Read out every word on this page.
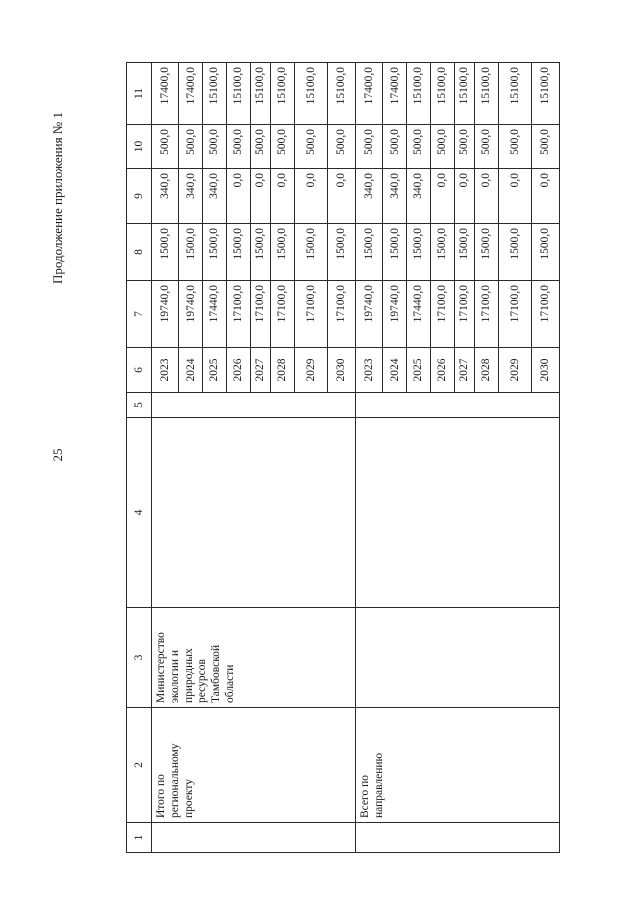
25
Продолжение приложения № 1
1	2	3	4	5	6	7	8	9	10	11
	Итого по региональному проекту	Министерство экологии и природных ресурсов Тамбовской области			2023	19740,0	1500,0	340,0	500,0	17400,0
					2024	19740,0	1500,0	340,0	500,0	17400,0
					2025	17440,0	1500,0	340,0	500,0	15100,0
					2026	17100,0	1500,0	0,0	500,0	15100,0
					2027	17100,0	1500,0	0,0	500,0	15100,0
					2028	17100,0	1500,0	0,0	500,0	15100,0
					2029	17100,0	1500,0	0,0	500,0	15100,0
					2030	17100,0	1500,0	0,0	500,0	15100,0
	Всего по направлению				2023	19740,0	1500,0	340,0	500,0	17400,0
					2024	19740,0	1500,0	340,0	500,0	17400,0
					2025	17440,0	1500,0	340,0	500,0	15100,0
					2026	17100,0	1500,0	0,0	500,0	15100,0
					2027	17100,0	1500,0	0,0	500,0	15100,0
					2028	17100,0	1500,0	0,0	500,0	15100,0
					2029	17100,0	1500,0	0,0	500,0	15100,0
					2030	17100,0	1500,0	0,0	500,0	15100,0
